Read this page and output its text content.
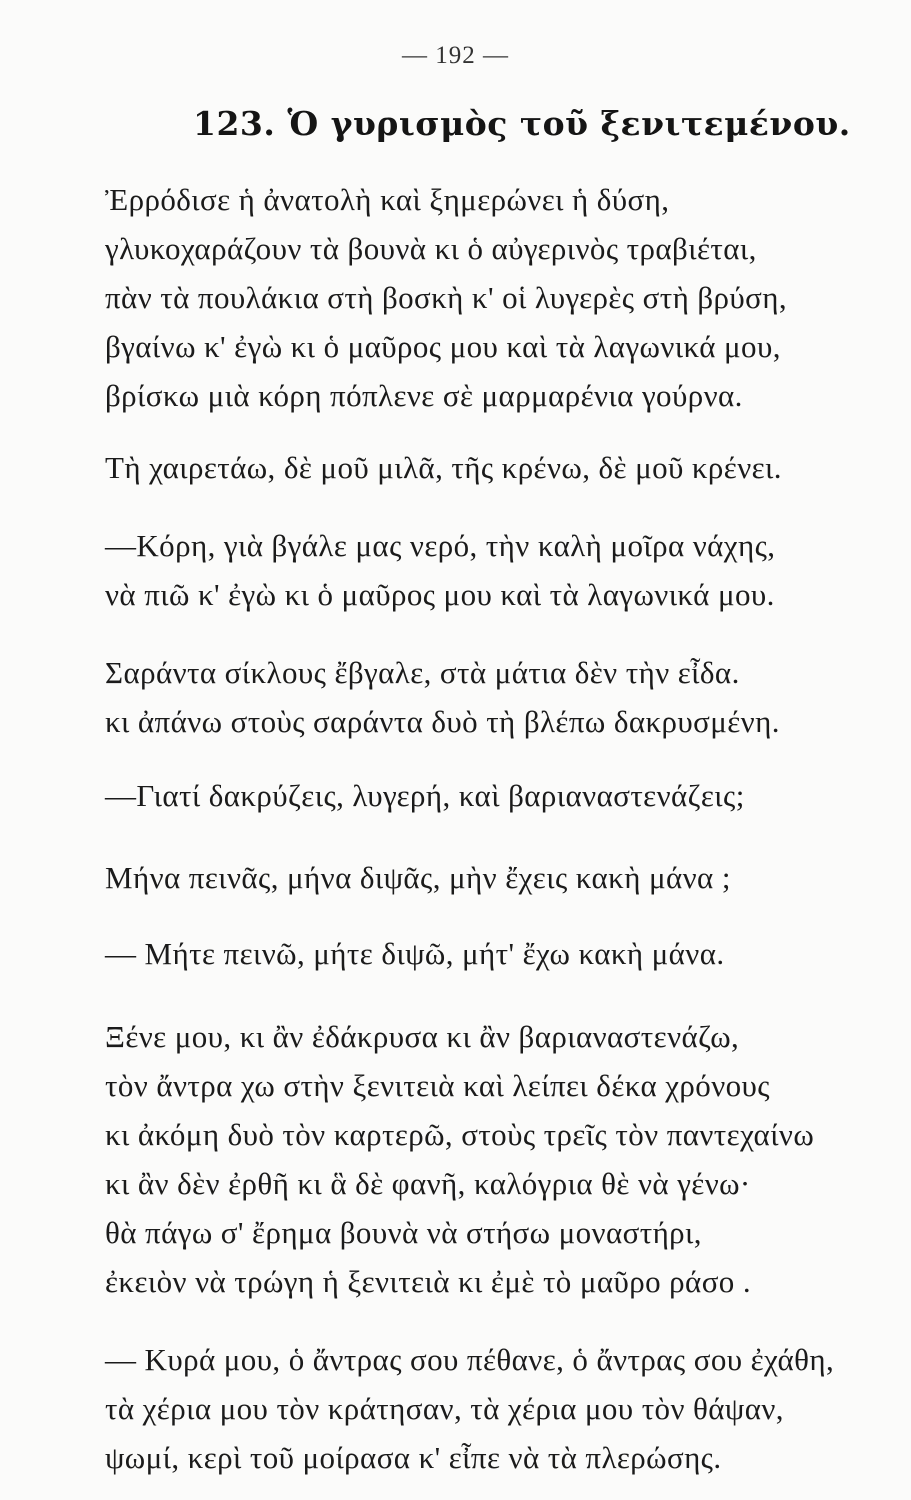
— 192 —
123. Ὁ γυρισμὸς τοῦ ξενιτεμένου.
Ἐρρόδισε ἡ ἀνατολὴ καὶ ξημερώνει ἡ δύση,
γλυκοχαράζουν τὰ βουνὰ κι ὁ αὐγερινὸς τραβιέται,
πὰν τὰ πουλάκια στὴ βοσκὴ κ' οἱ λυγερὲς στὴ βρύση,
βγαίνω κ' ἐγὼ κι ὁ μαῦρος μου καὶ τὰ λαγωνικά μου,
βρίσκω μιὰ κόρη πόπλενε σὲ μαρμαρένια γούρνα.
Τὴ χαιρετάω, δὲ μοῦ μιλᾶ, τῆς κρένω, δὲ μοῦ κρένει.
—Κόρη, γιὰ βγάλε μας νερό, τὴν καλὴ μοῖρα νάχης,
νὰ πιῶ κ' ἐγὼ κι ὁ μαῦρος μου καὶ τὰ λαγωνικά μου.
Σαράντα σίκλους ἔβγαλε, στὰ μάτια δὲν τὴν εἶδα.
κι ἀπάνω στοὺς σαράντα δυὸ τὴ βλέπω δακρυσμένη.
—Γιατί δακρύζεις, λυγερή, καὶ βαριαναστενάζεις;
Μήνα πεινᾶς, μήνα διψᾶς, μὴν ἔχεις κακὴ μάνα ;
— Μήτε πεινῶ, μήτε διψῶ, μήτ' ἔχω κακὴ μάνα.
Ξένε μου, κι ἂν ἐδάκρυσα κι ἂν βαριαναστενάζω,
τὸν ἄντρα χω στὴν ξενιτειὰ καὶ λείπει δέκα χρόνους
κι ἀκόμη δυὸ τὸν καρτερῶ, στοὺς τρεῖς τὸν παντεχαίνω
κι ἂν δὲν ἐρθῆ κι ἃ δὲ φανῆ, καλόγρια θὲ νὰ γένω·
θὰ πάγω σ' ἔρημα βουνὰ νὰ στήσω μοναστήρι,
ἐκειὸν νὰ τρώγη ἡ ξενιτειὰ κι ἐμὲ τὸ μαῦρο ράσο .
— Κυρά μου, ὁ ἄντρας σου πέθανε, ὁ ἄντρας σου ἐχάθη,
τὰ χέρια μου τὸν κράτησαν, τὰ χέρια μου τὸν θάψαν,
ψωμί, κερὶ τοῦ μοίρασα κ' εἶπε νὰ τὰ πλερώσης.
